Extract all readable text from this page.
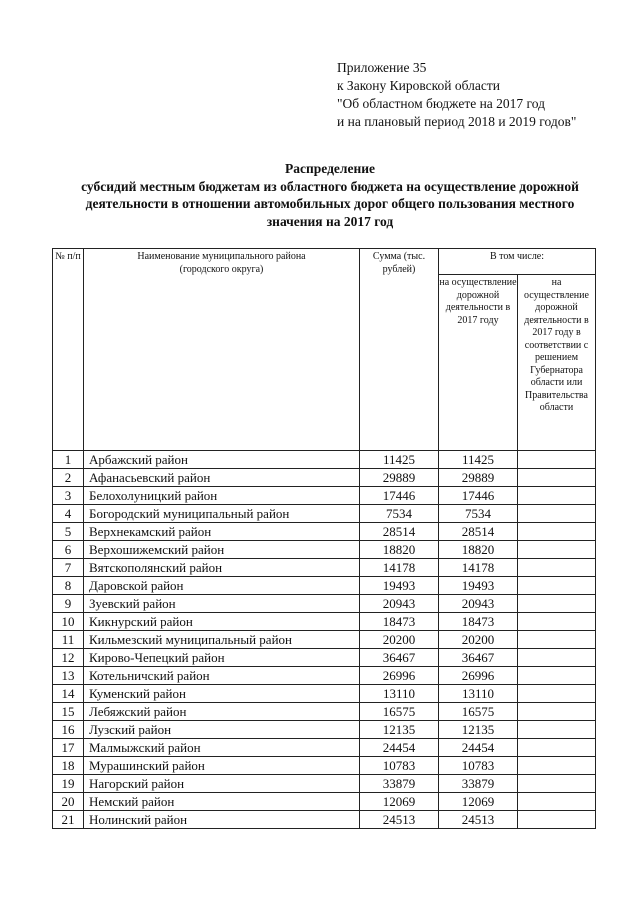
Приложение 35
к Закону Кировской области
"Об областном бюджете на 2017 год
и на плановый период 2018 и 2019 годов"
Распределение
субсидий местным бюджетам из областного бюджета на осуществление дорожной
деятельности в отношении автомобильных дорог общего пользования местного
значения на 2017 год
№ п/п	Наименование муниципального района (городского округа)	Сумма (тыс. рублей)	В том числе:	
			на осуществление дорожной деятельности в 2017 году	на осуществление дорожной деятельности в 2017 году в соответствии с решением Губернатора области или Правительства области
1	Арбажский район	11425	11425	
2	Афанасьевский район	29889	29889	
3	Белохолуницкий район	17446	17446	
4	Богородский муниципальный район	7534	7534	
5	Верхнекамский район	28514	28514	
6	Верхошижемский район	18820	18820	
7	Вятскополянский район	14178	14178	
8	Даровской район	19493	19493	
9	Зуевский район	20943	20943	
10	Кикнурский район	18473	18473	
11	Кильмезский муниципальный район	20200	20200	
12	Кирово-Чепецкий район	36467	36467	
13	Котельничский район	26996	26996	
14	Куменский район	13110	13110	
15	Лебяжский район	16575	16575	
16	Лузский район	12135	12135	
17	Малмыжский район	24454	24454	
18	Мурашинский район	10783	10783	
19	Нагорский район	33879	33879	
20	Немский район	12069	12069	
21	Нолинский район	24513	24513	
